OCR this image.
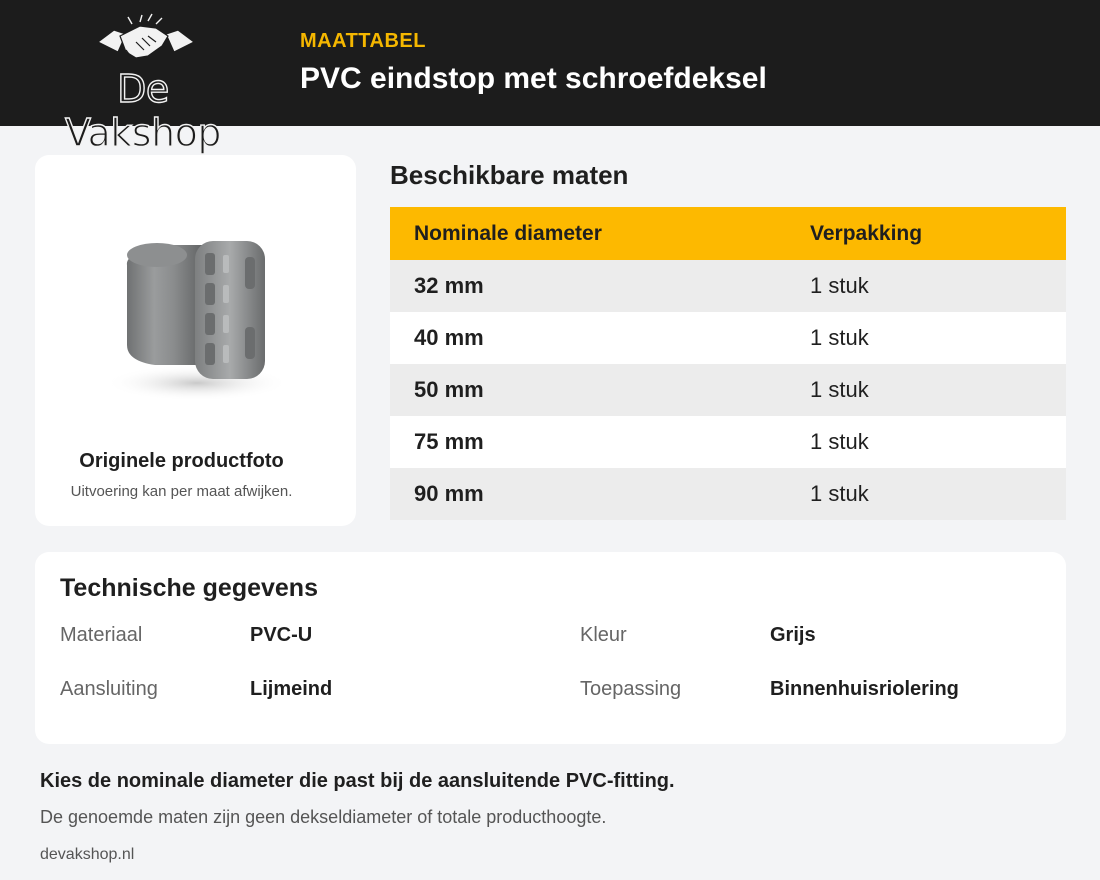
De Vakshop
MAATTABEL
PVC eindstop met schroefdeksel
Originele productfoto
Uitvoering kan per maat afwijken.
Beschikbare maten
Nominale diameter	Verpakking
32 mm	1 stuk
40 mm	1 stuk
50 mm	1 stuk
75 mm	1 stuk
90 mm	1 stuk
Technische gegevens
Materiaal	PVC-U	Kleur	Grijs
Aansluiting	Lijmeind	Toepassing	Binnenhuisriolering
Kies de nominale diameter die past bij de aansluitende PVC-fitting.
De genoemde maten zijn geen dekseldiameter of totale producthoogte.
devakshop.nl
